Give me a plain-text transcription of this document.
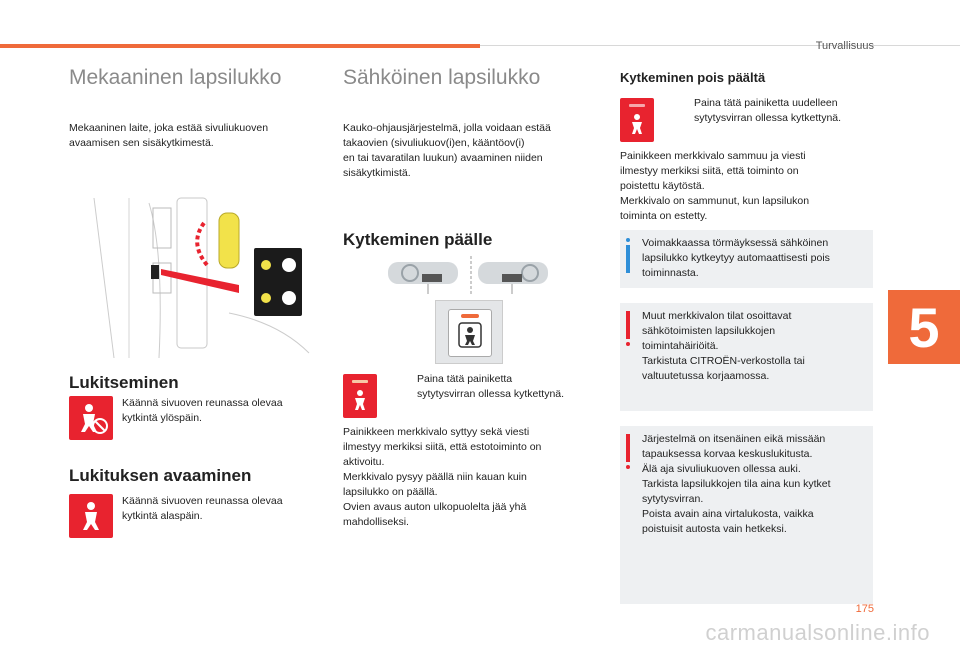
Turvallisuus
Mekaaninen lapsilukko
Mekaaninen laite, joka estää sivuliukuoven
avaamisen sen sisäkytkimestä.
Lukitseminen
Käännä sivuoven reunassa olevaa
kytkintä ylöspäin.
Lukituksen avaaminen
Käännä sivuoven reunassa olevaa
kytkintä alaspäin.
Sähköinen lapsilukko
Kauko-ohjausjärjestelmä, jolla voidaan estää
takaovien (sivuliukuov(i)en, kääntöov(i)
en tai tavaratilan luukun) avaaminen niiden
sisäkytkimistä.
Kytkeminen päälle
Paina tätä painiketta
sytytysvirran ollessa kytkettynä.
Painikkeen merkkivalo syttyy sekä viesti
ilmestyy merkiksi siitä, että estotoiminto on
aktivoitu.
Merkkivalo pysyy päällä niin kauan kuin
lapsilukko on päällä.
Ovien avaus auton ulkopuolelta jää yhä
mahdolliseksi.
Kytkeminen pois päältä
Paina tätä painiketta uudelleen
sytytysvirran ollessa kytkettynä.
Painikkeen merkkivalo sammuu ja viesti
ilmestyy merkiksi siitä, että toiminto on
poistettu käytöstä.
Merkkivalo on sammunut, kun lapsilukon
toiminta on estetty.
Voimakkaassa törmäyksessä sähköinen
lapsilukko kytkeytyy automaattisesti pois
toiminnasta.
Muut merkkivalon tilat osoittavat
sähkötoimisten lapsilukkojen
toimintahäiriöitä.
Tarkistuta CITROËN-verkostolla tai
valtuutetussa korjaamossa.
Järjestelmä on itsenäinen eikä missään
tapauksessa korvaa keskuslukitusta.
Älä aja sivuliukuoven ollessa auki.
Tarkista lapsilukkojen tila aina kun kytket
sytytysvirran.
Poista avain aina virtalukosta, vaikka
poistuisit autosta vain hetkeksi.
5
175
carmanualsonline.info
